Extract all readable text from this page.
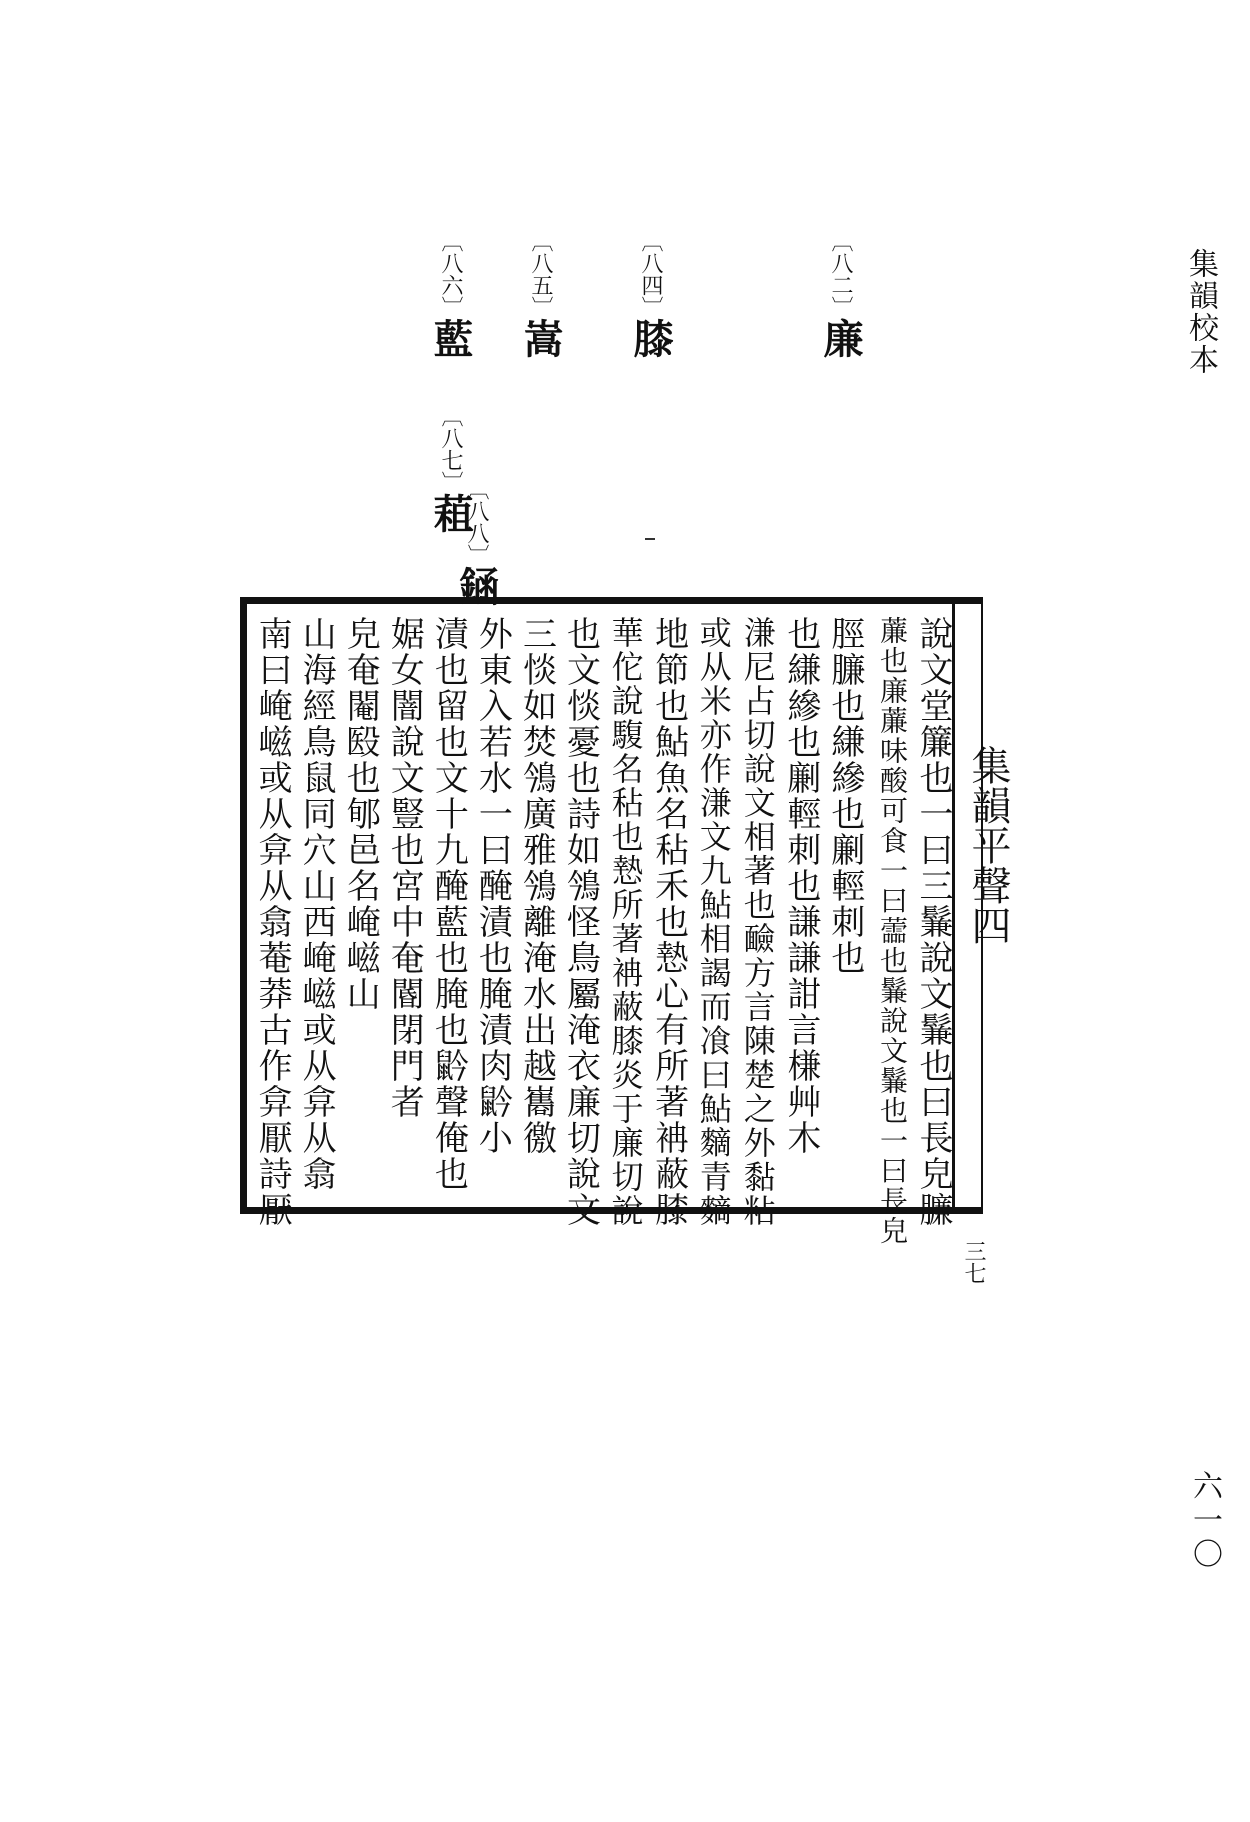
集韻校本
六一〇
〔八二〕廉
〔八四〕膝
〔八五〕嵩
〔八六〕藍 〔八七〕蒩
〔八八〕䤴
說文堂簾也一曰三鬑說文鬑也曰長皃臁
薕也廉薕味酸可食一曰蘦也鬑說文鬑也一曰長皃
脛臁也縑縿也劆輕刺也
也縑縿也劆輕刺也謙謙詌言槏艸木
溓尼占切說文相著也䩎方言陳楚之外黏粘
或从米亦作溓文九鮎相謁而飡曰鮎䵂青䵂
地節也鮎魚名秥禾也慹心有所著袡蔽膝
華佗說䮡名秥也慹所著袡蔽膝炎于廉切說
也文惔憂也詩如鳹怪鳥屬淹衣廉切說文
三惔如焚鳹廣雅鳹離淹水出越巂徼
外東入若水一曰醃漬也腌漬肉䶃小
漬也留也文十九醃藍也腌也䶃聲俺也
婮女闇說文豎也宮中奄閽閉門者
皃奄閹殹也郇邑名崦嵫山
山海經鳥鼠同穴山西崦嵫或从弇从翕
南曰崦嵫或从弇从翕菴莽古作弇厭詩厭	集韻平聲四
三七
